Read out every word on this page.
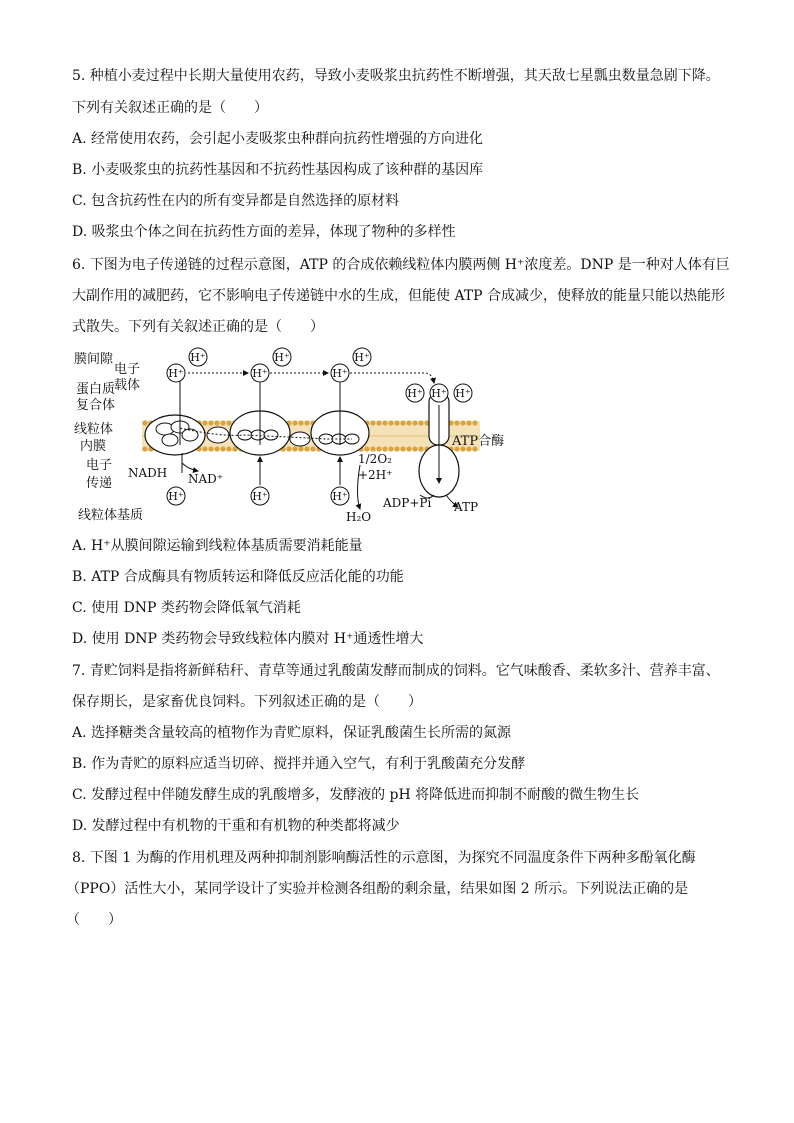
5. 种植小麦过程中长期大量使用农药，导致小麦吸浆虫抗药性不断增强，其天敌七星瓢虫数量急剧下降。
下列有关叙述正确的是（　　）
A. 经常使用农药，会引起小麦吸浆虫种群向抗药性增强的方向进化
B. 小麦吸浆虫的抗药性基因和不抗药性基因构成了该种群的基因库
C. 包含抗药性在内的所有变异都是自然选择的原材料
D. 吸浆虫个体之间在抗药性方面的差异，体现了物种的多样性
6. 下图为电子传递链的过程示意图，ATP 的合成依赖线粒体内膜两侧 H⁺浓度差。DNP 是一种对人体有巨
大副作用的减肥药，它不影响电子传递链中水的生成，但能使 ATP 合成减少，使释放的能量只能以热能形
式散失。下列有关叙述正确的是（　　）
H⁺
H⁺
H⁺
H⁺
H⁺
H⁺
H⁺ H⁺ H⁺
H⁺	H⁺	H⁺
膜间隙
电子
载体
蛋白质
复合体
线粒体
内膜
电子
传递
线粒体基质
ATP合酶
NADH NAD⁺
1/2O₂
+2H⁺
H₂O
ADP+Pi ATP
A. H⁺从膜间隙运输到线粒体基质需要消耗能量
B. ATP 合成酶具有物质转运和降低反应活化能的功能
C. 使用 DNP 类药物会降低氧气消耗
D. 使用 DNP 类药物会导致线粒体内膜对 H⁺通透性增大
7. 青贮饲料是指将新鲜秸秆、青草等通过乳酸菌发酵而制成的饲料。它气味酸香、柔软多汁、营养丰富、
保存期长，是家畜优良饲料。下列叙述正确的是（　　）
A. 选择糖类含量较高的植物作为青贮原料，保证乳酸菌生长所需的氮源
B. 作为青贮的原料应适当切碎、搅拌并通入空气，有利于乳酸菌充分发酵
C. 发酵过程中伴随发酵生成的乳酸增多，发酵液的 pH 将降低进而抑制不耐酸的微生物生长
D. 发酵过程中有机物的干重和有机物的种类都将减少
8. 下图 1 为酶的作用机理及两种抑制剂影响酶活性的示意图，为探究不同温度条件下两种多酚氧化酶
（PPO）活性大小，某同学设计了实验并检测各组酚的剩余量，结果如图 2 所示。下列说法正确的是
（　　）
